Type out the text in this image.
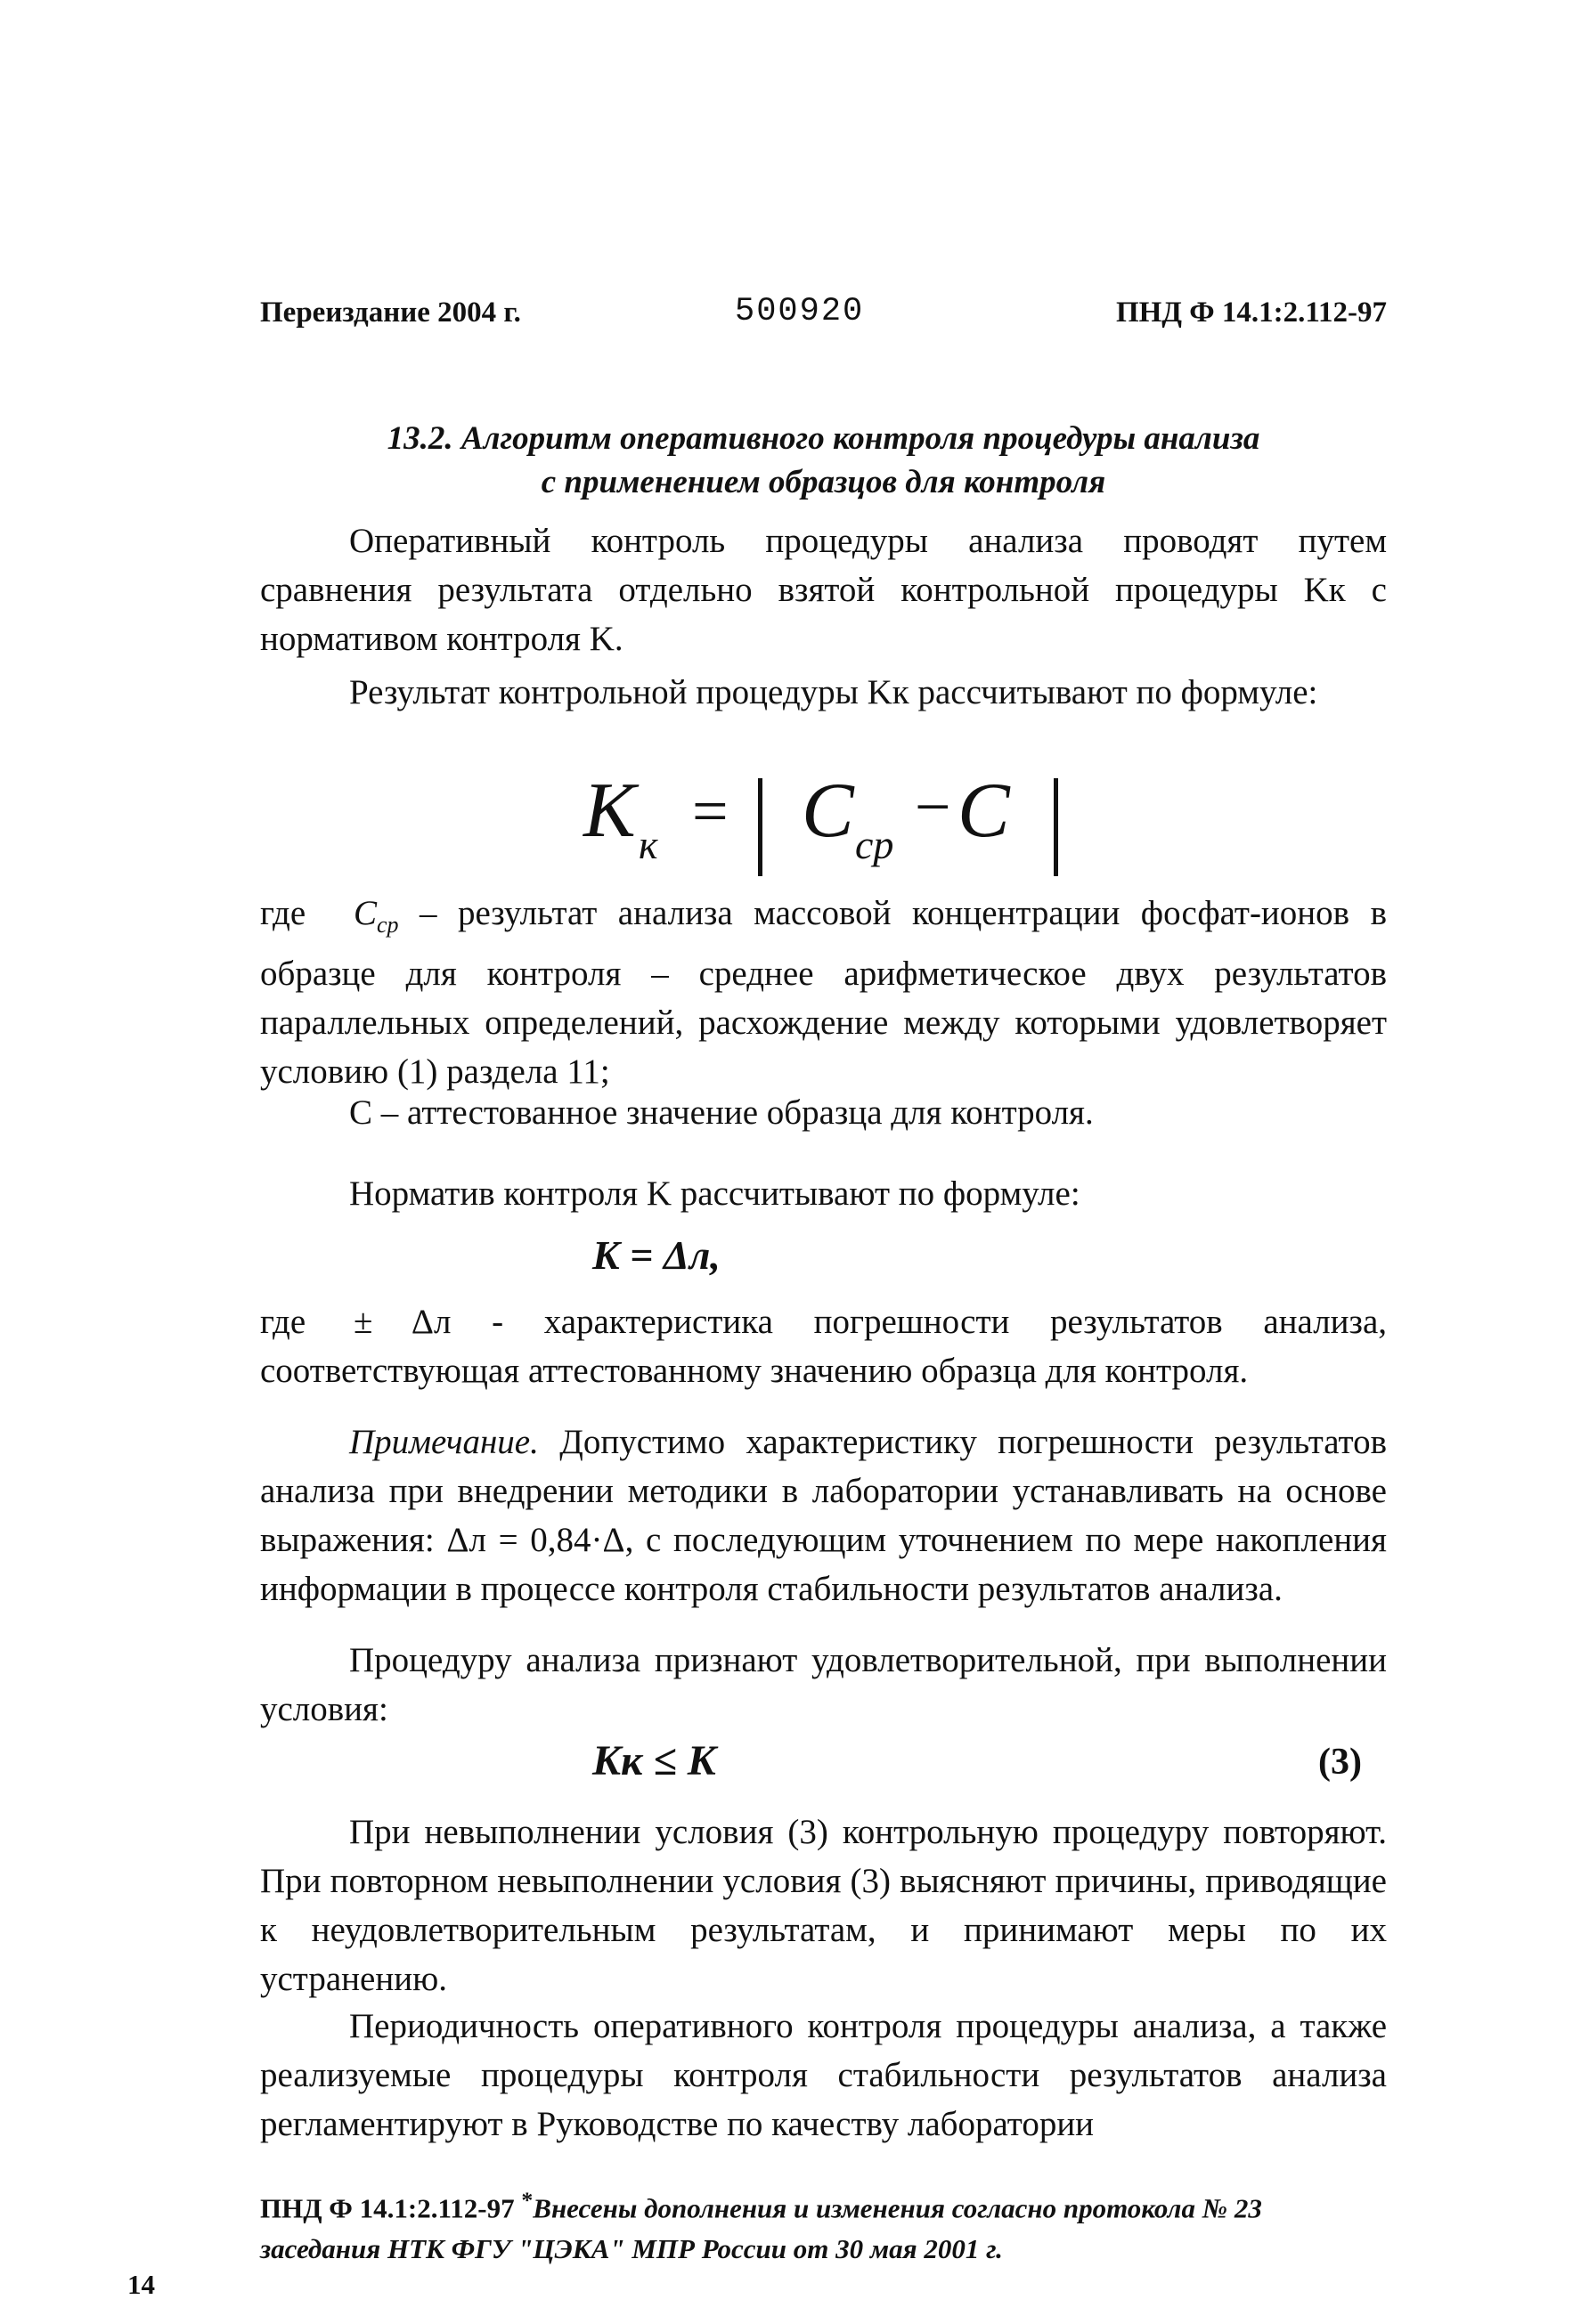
Переиздание 2004 г.	500920	ПНД Ф 14.1:2.112-97
13.2. Алгоритм оперативного контроля процедуры анализа
с применением образцов для контроля
Оперативный контроль процедуры анализа проводят путем сравнения результата отдельно взятой контрольной процедуры Kк с нормативом контроля K.
Результат контрольной процедуры Kк рассчитывают по формуле:
K к = C ср
− C
где $C_{ср}$ – результат анализа массовой концентрации фосфат-ионов в образце для контроля – среднее арифметическое двух результатов параллельных определений, расхождение между которыми удовлетворяет условию (1) раздела 11;
C – аттестованное значение образца для контроля.
Норматив контроля K рассчитывают по формуле:
K = Δл,
где ± Δл - характеристика погрешности результатов анализа, соответствующая аттестованному значению образца для контроля.
Примечание. Допустимо характеристику погрешности результатов анализа при внедрении методики в лаборатории устанавливать на основе выражения: Δл = 0,84·Δ, с последующим уточнением по мере накопления информации в процессе контроля стабильности результатов анализа.
Процедуру анализа признают удовлетворительной, при выполнении условия:
Kк ≤ K	(3)
При невыполнении условия (3) контрольную процедуру повторяют. При повторном невыполнении условия (3) выясняют причины, приводящие к неудовлетворительным результатам, и принимают меры по их устранению.
Периодичность оперативного контроля процедуры анализа, а также реализуемые процедуры контроля стабильности результатов анализа регламентируют в Руководстве по качеству лаборатории
ПНД Ф 14.1:2.112-97 *Внесены дополнения и изменения согласно протокола № 23 заседания НТК ФГУ "ЦЭКА" МПР России от 30 мая 2001 г.
14
